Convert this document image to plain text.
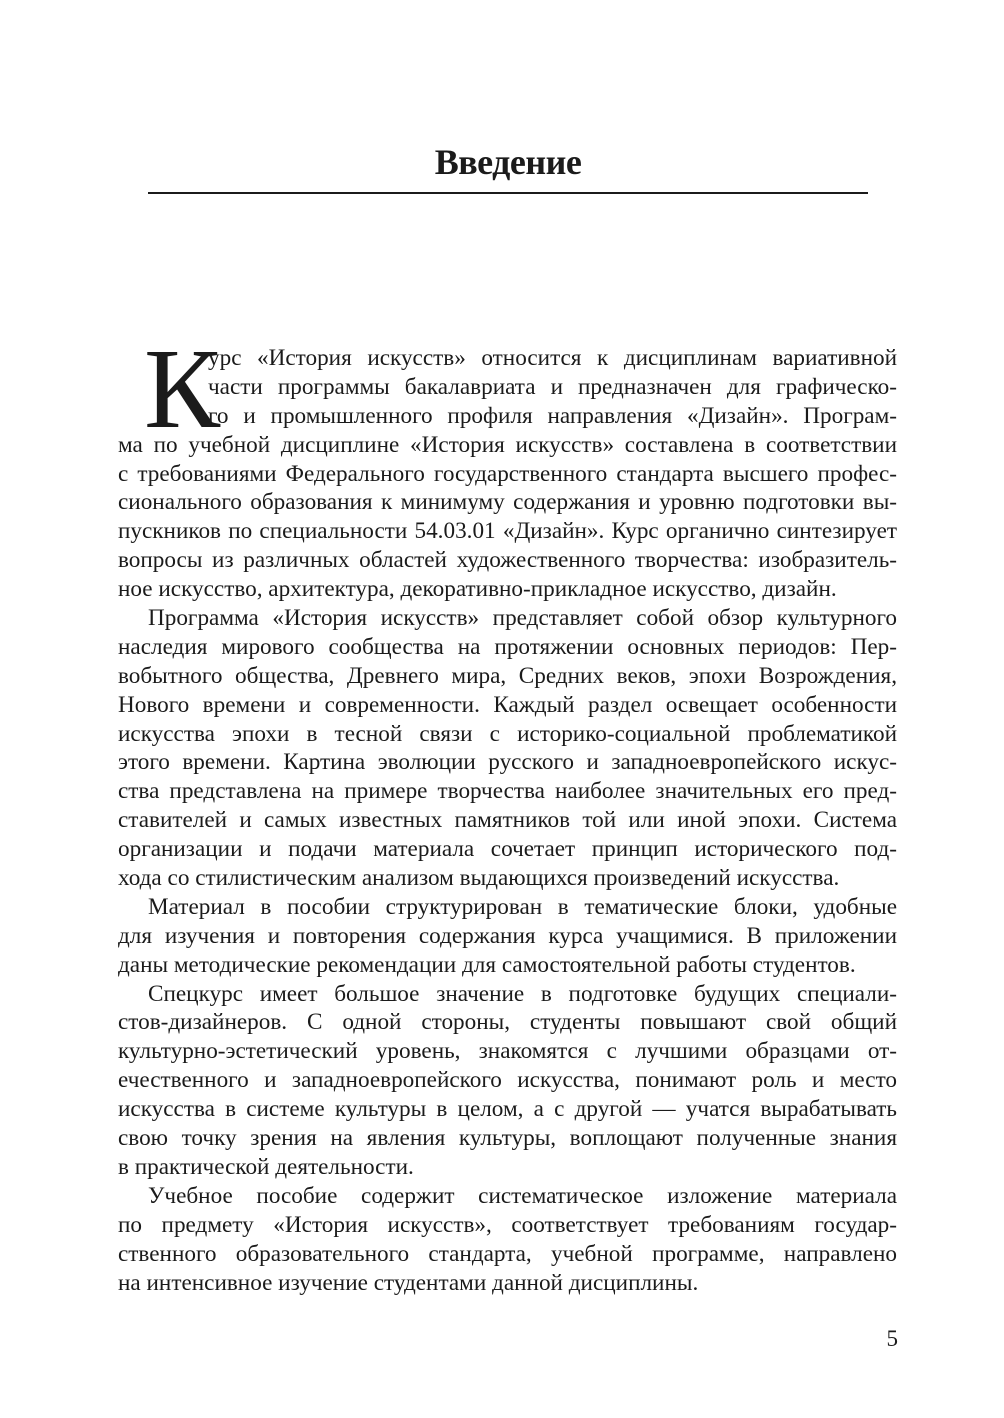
Введение
К
урс «История искусств» относится к дисциплинам вариативной
части программы бакалавриата и предназначен для графическо-
го и промышленного профиля направления «Дизайн». Програм-
ма по учебной дисциплине «История искусств» составлена в соответствии
с требованиями Федерального государственного стандарта высшего профес-
сионального образования к минимуму содержания и уровню подготовки вы-
пускников по специальности 54.03.01 «Дизайн». Курс органично синтезирует
вопросы из различных областей художественного творчества: изобразитель-
ное искусство, архитектура, декоративно-прикладное искусство, дизайн.
Программа «История искусств» представляет собой обзор культурного
наследия мирового сообщества на протяжении основных периодов: Пер-
вобытного общества, Древнего мира, Средних веков, эпохи Возрождения,
Нового времени и современности. Каждый раздел освещает особенности
искусства эпохи в тесной связи с историко-социальной проблематикой
этого времени. Картина эволюции русского и западноевропейского искус-
ства представлена на примере творчества наиболее значительных его пред-
ставителей и самых известных памятников той или иной эпохи. Система
организации и подачи материала сочетает принцип исторического под-
хода со стилистическим анализом выдающихся произведений искусства.
Материал в пособии структурирован в тематические блоки, удобные
для изучения и повторения содержания курса учащимися. В приложении
даны методические рекомендации для самостоятельной работы студентов.
Спецкурс имеет большое значение в подготовке будущих специали-
стов-дизайнеров. С одной стороны, студенты повышают свой общий
культурно-эстетический уровень, знакомятся с лучшими образцами от-
ечественного и западноевропейского искусства, понимают роль и место
искусства в системе культуры в целом, а с другой — учатся вырабатывать
свою точку зрения на явления культуры, воплощают полученные знания
в практической деятельности.
Учебное пособие содержит систематическое изложение материала
по предмету «История искусств», соответствует требованиям государ-
ственного образовательного стандарта, учебной программе, направлено
на интенсивное изучение студентами данной дисциплины.
5
